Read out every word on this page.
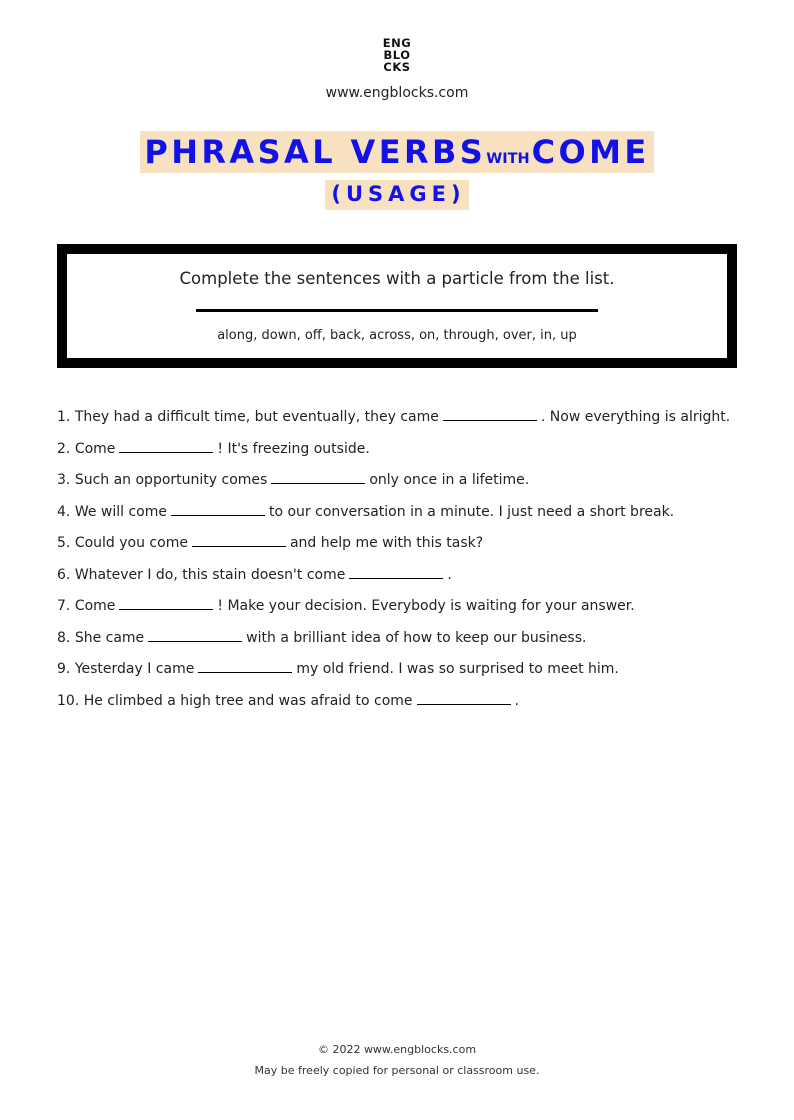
ENG
BLO
CKS
www.engblocks.com
PHRASAL VERBSWITHCOME
(USAGE)
Complete the sentences with a particle from the list.
along, down, off, back, across, on, through, over, in, up
1. They had a difficult time, but eventually, they came	. Now everything is alright.
2. Come	! It's freezing outside.
3. Such an opportunity comes	only once in a lifetime.
4. We will come	to our conversation in a minute. I just need a short break.
5. Could you come	and help me with this task?
6. Whatever I do, this stain doesn't come	.
7. Come	! Make your decision. Everybody is waiting for your answer.
8. She came	with a brilliant idea of how to keep our business.
9. Yesterday I came	my old friend. I was so surprised to meet him.
10. He climbed a high tree and was afraid to come	.
© 2022 www.engblocks.com
May be freely copied for personal or classroom use.
